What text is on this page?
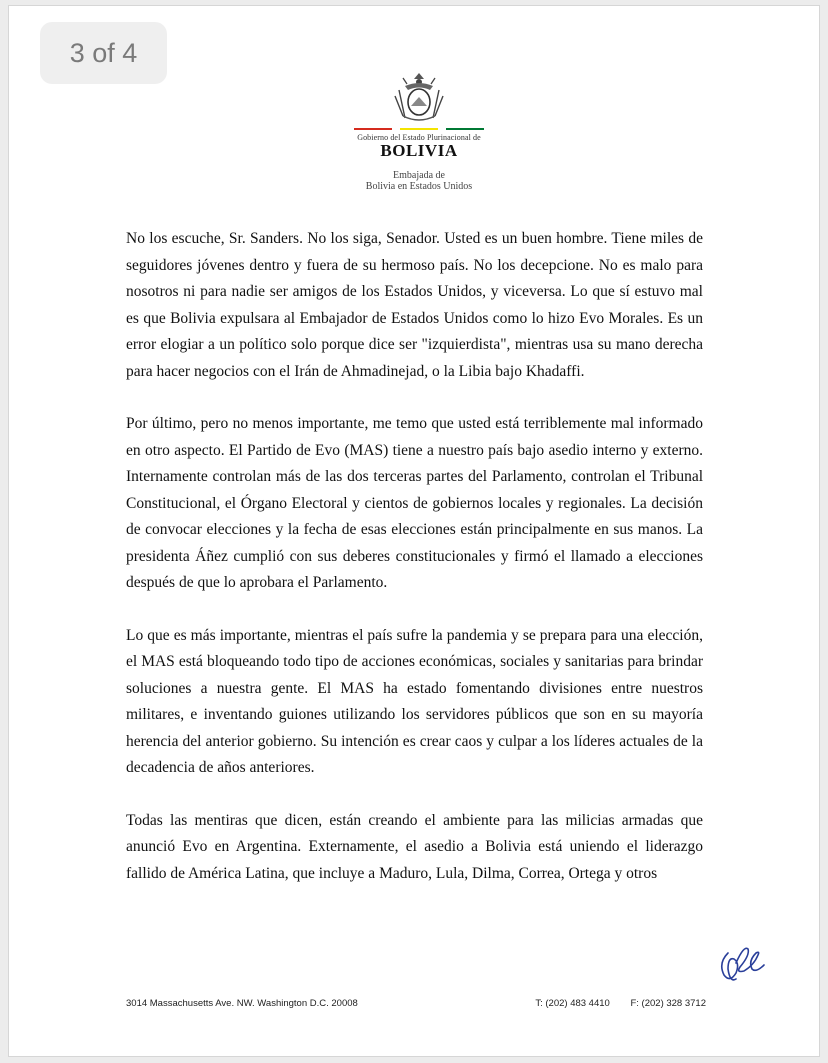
Gobierno del Estado Plurinacional de
BOLIVIA
Embajada de
Bolivia en Estados Unidos

No los escuche, Sr. Sanders. No los siga, Senador. Usted es un buen hombre. Tiene miles de seguidores jóvenes dentro y fuera de su hermoso país. No los decepcione. No es malo para nosotros ni para nadie ser amigos de los Estados Unidos, y viceversa. Lo que sí estuvo mal es que Bolivia expulsara al Embajador de Estados Unidos como lo hizo Evo Morales. Es un error elogiar a un político solo porque dice ser "izquierdista", mientras usa su mano derecha para hacer negocios con el Irán de Ahmadinejad, o la Libia bajo Khadaffi.

Por último, pero no menos importante, me temo que usted está terriblemente mal informado en otro aspecto. El Partido de Evo (MAS) tiene a nuestro país bajo asedio interno y externo. Internamente controlan más de las dos terceras partes del Parlamento, controlan el Tribunal Constitucional, el Órgano Electoral y cientos de gobiernos locales y regionales. La decisión de convocar elecciones y la fecha de esas elecciones están principalmente en sus manos. La presidenta Áñez cumplió con sus deberes constitucionales y firmó el llamado a elecciones después de que lo aprobara el Parlamento.

Lo que es más importante, mientras el país sufre la pandemia y se prepara para una elección, el MAS está bloqueando todo tipo de acciones económicas, sociales y sanitarias para brindar soluciones a nuestra gente. El MAS ha estado fomentando divisiones entre nuestros militares, e inventando guiones utilizando los servidores públicos que son en su mayoría herencia del anterior gobierno. Su intención es crear caos y culpar a los líderes actuales de la decadencia de años anteriores.

Todas las mentiras que dicen, están creando el ambiente para las milicias armadas que anunció Evo en Argentina. Externamente, el asedio a Bolivia está uniendo el liderazgo fallido de América Latina, que incluye a Maduro, Lula, Dilma, Correa, Ortega y otros

3014 Massachusetts Ave. NW. Washington D.C. 20008	T: (202) 483 4410 F: (202) 328 3712
3 of 4
